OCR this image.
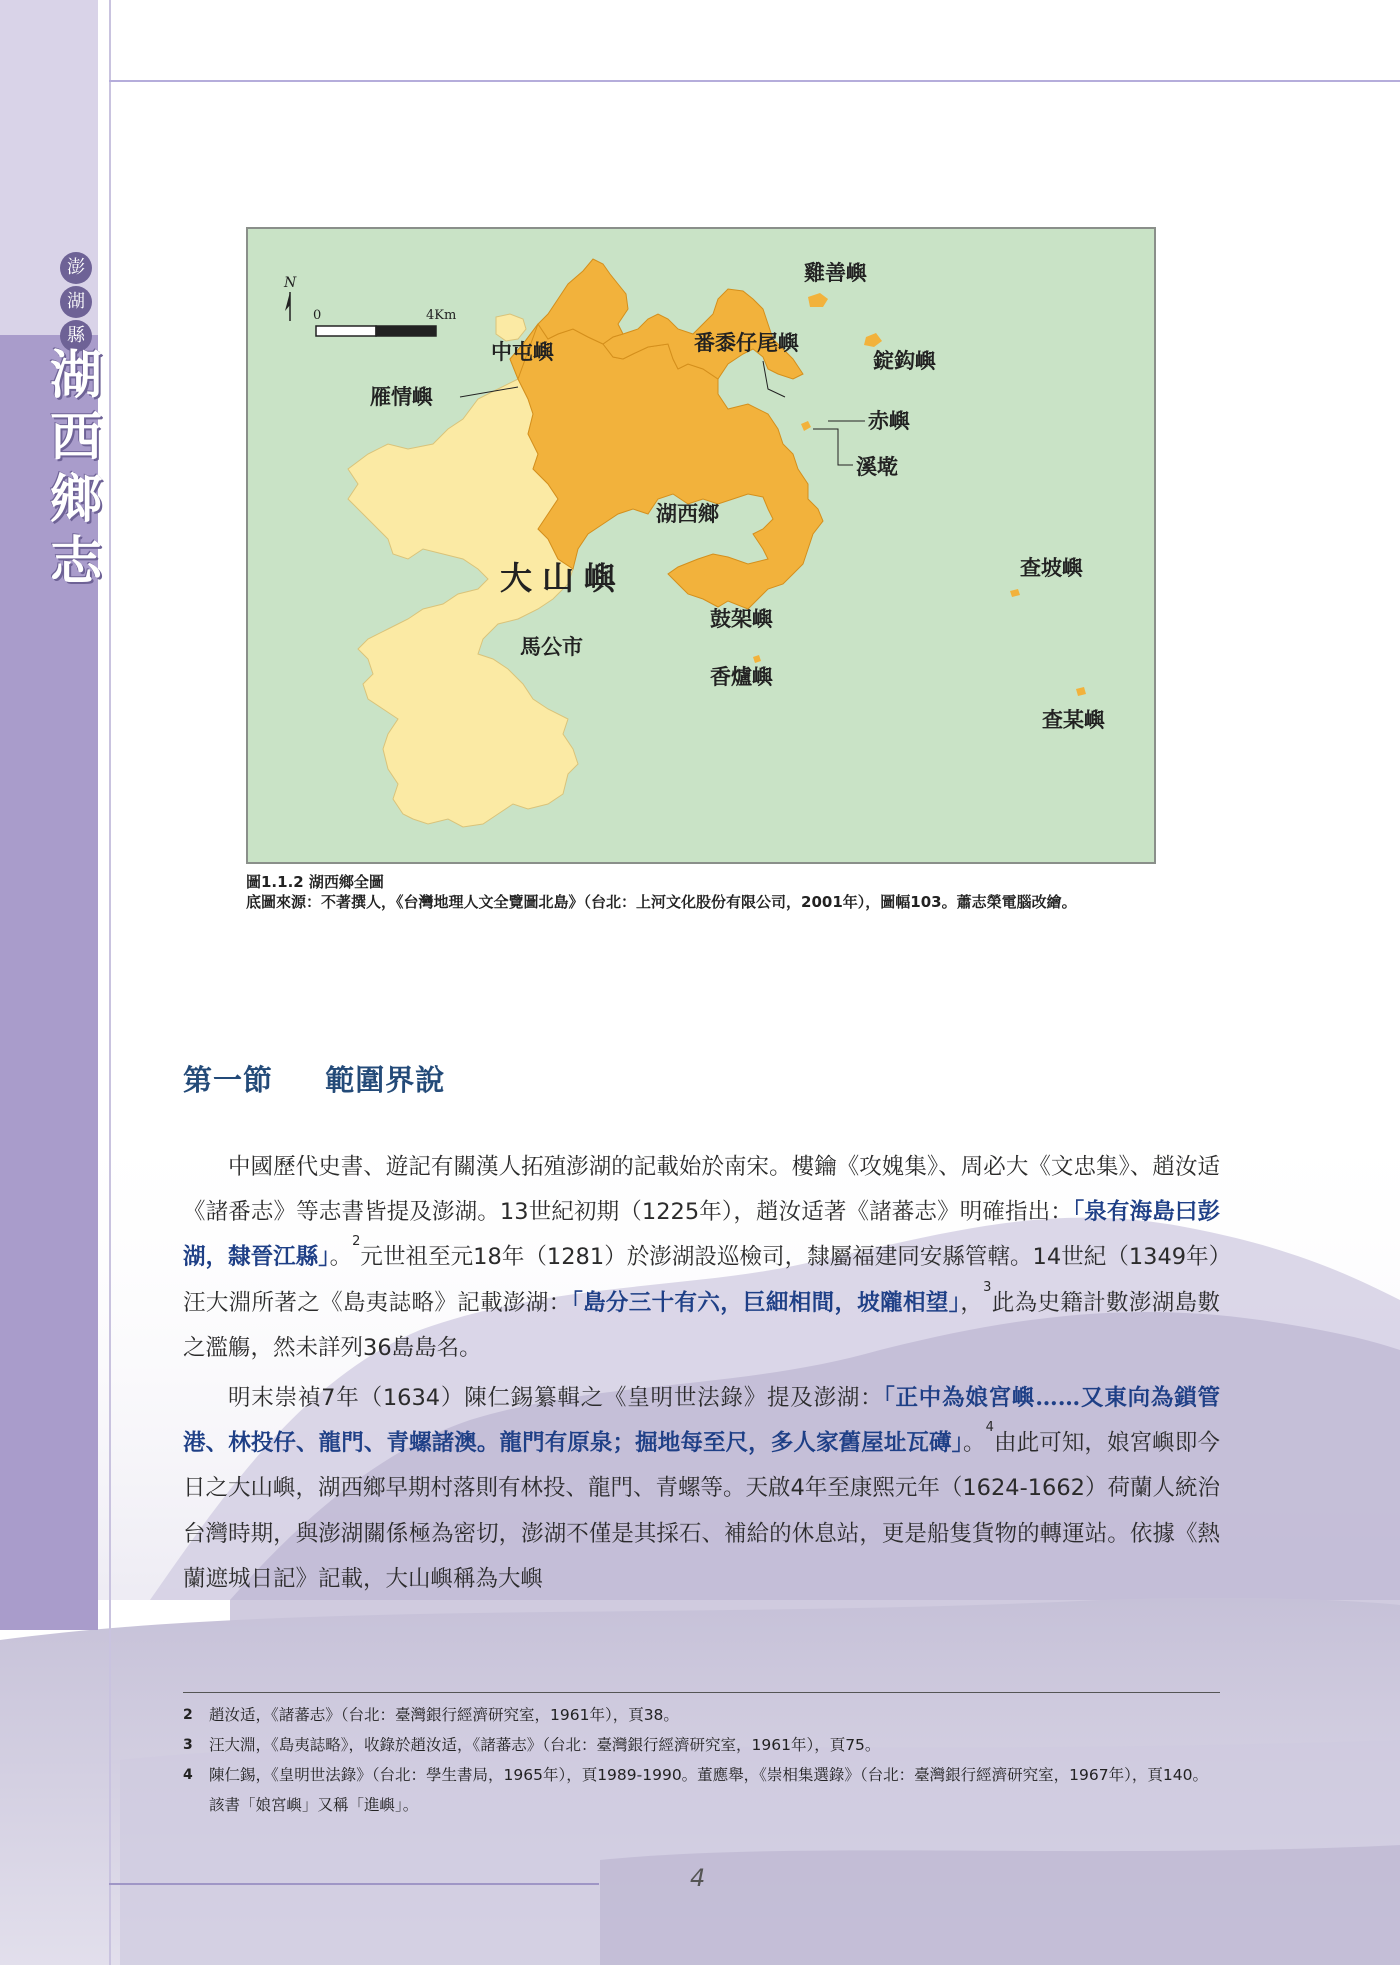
澎
湖
縣
湖
西
鄉
志
N
0	4Km
中屯嶼
雁情嶼
雞善嶼
番黍仔尾嶼
錠鈎嶼
赤嶼
溪墘
湖西鄉
大山嶼
馬公市
鼓架嶼
香爐嶼
查坡嶼
查某嶼
圖1.1.2 湖西鄉全圖
底圖來源： 不著撰人，《台灣地理人文全覽圖北島》（台北：上河文化股份有限公司，2001年），圖幅103。蕭志榮電腦改繪。
第一節 範圍界說

中國歷代史書、遊記有關漢人拓殖澎湖的記載始於南宋。樓鑰《攻媿集》、周必大《文忠集》、趙汝适《諸番志》等志書皆提及澎湖。13世紀初期（1225年），趙汝适著《諸蕃志》明確指出：「泉有海島曰彭湖，隸晉江縣」。$^2$元世祖至元18年（1281）於澎湖設巡檢司，隸屬福建同安縣管轄。14世紀（1349年）汪大淵所著之《島夷誌略》記載澎湖：「島分三十有六，巨細相間，坡隴相望」，$^3$此為史籍計數澎湖島數之濫觴，然未詳列36島島名。

明末崇禎7年（1634）陳仁錫纂輯之《皇明世法錄》提及澎湖：「正中為娘宮嶼……又東向為鎖管港、林投仔、龍門、青螺諸澳。龍門有原泉；掘地每至尺，多人家舊屋址瓦礡」。$^4$由此可知，娘宮嶼即今日之大山嶼，湖西鄉早期村落則有林投、龍門、青螺等。天啟4年至康熙元年（1624-1662）荷蘭人統治台灣時期，與澎湖關係極為密切，澎湖不僅是其採石、補給的休息站，更是船隻貨物的轉運站。依據《熱蘭遮城日記》記載，大山嶼稱為大嶼

2	趙汝适，《諸蕃志》（台北：臺灣銀行經濟研究室，1961年），頁38。
3	汪大淵，《島夷誌略》，收錄於趙汝适，《諸蕃志》（台北：臺灣銀行經濟研究室，1961年），頁75。
4	陳仁錫，《皇明世法錄》（台北：學生書局，1965年），頁1989-1990。董應舉，《崇相集選錄》（台北：臺灣銀行經濟研究室，1967年），頁140。該書「娘宮嶼」又稱「進嶼」。
4
